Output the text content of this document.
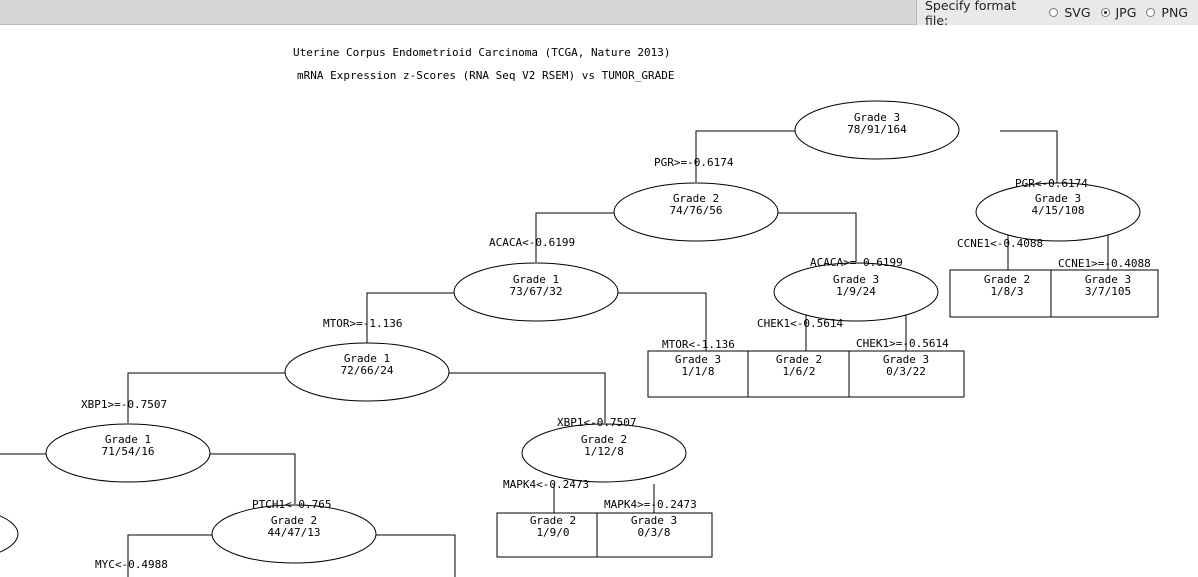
Specify format file:	SVG JPG PNG
Uterine Corpus Endometrioid Carcinoma (TCGA, Nature 2013)
mRNA Expression z-Scores (RNA Seq V2 RSEM) vs TUMOR_GRADE
PGR>=-0.6174
PGR<-0.6174
CCNE1<-0.4088
CCNE1>=-0.4088
ACACA<-0.6199
ACACA>=-0.6199
MTOR>=-1.136
MTOR<-1.136
CHEK1<-0.5614
CHEK1>=-0.5614
XBP1>=-0.7507
XBP1<-0.7507
MAPK4<-0.2473
MAPK4>=-0.2473
PTCH1<-0.765
MYC<-0.4988
Grade 3
78/91/164
Grade 2
74/76/56
Grade 3
4/15/108
Grade 1
73/67/32
Grade 3
1/9/24
Grade 1
72/66/24
Grade 1
71/54/16
Grade 2
1/12/8
Grade 2
44/47/13
Grade 2
1/8/3
Grade 3
3/7/105
Grade 3
1/1/8
Grade 2
1/6/2
Grade 3
0/3/22
Grade 2
1/9/0
Grade 3
0/3/8
